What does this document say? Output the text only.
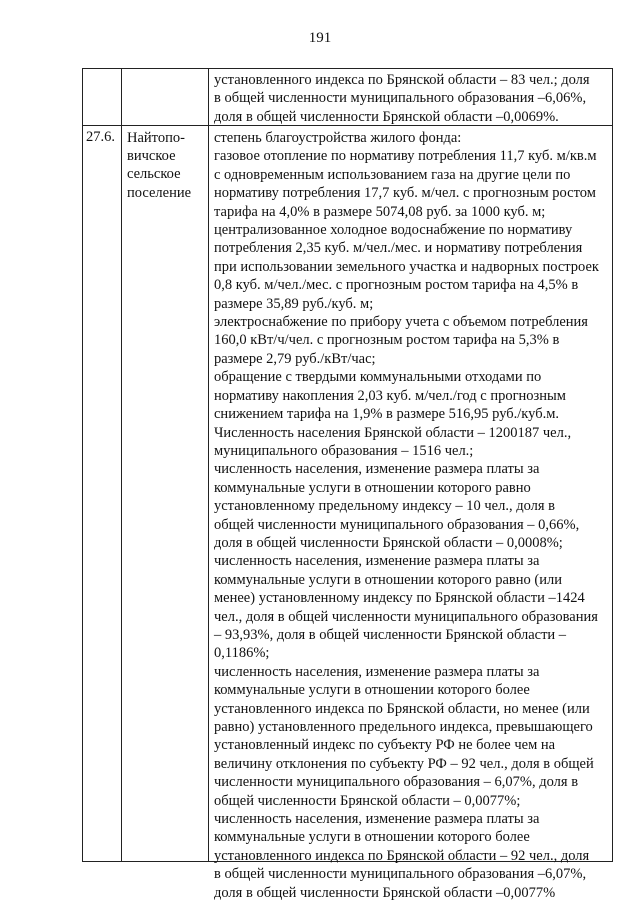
191
установленного индекса по Брянской области – 83 чел.; доля
в общей численности муниципального образования –6,06%,
доля в общей численности Брянской области –0,0069%.
27.6. Найтопо-
вичское
сельское
поселение
степень благоустройства жилого фонда:
газовое отопление по нормативу потребления 11,7 куб. м/кв.м
с одновременным использованием газа на другие цели по
нормативу потребления 17,7 куб. м/чел. с прогнозным ростом
тарифа на 4,0% в размере 5074,08 руб. за 1000 куб. м;
централизованное холодное водоснабжение по нормативу
потребления 2,35 куб. м/чел./мес. и нормативу потребления
при использовании земельного участка и надворных построек
0,8 куб. м/чел./мес. с прогнозным ростом тарифа на 4,5% в
размере 35,89 руб./куб. м;
электроснабжение по прибору учета с объемом потребления
160,0 кВт/ч/чел. с прогнозным ростом тарифа на 5,3% в
размере 2,79 руб./кВт/час;
обращение с твердыми коммунальными отходами по
нормативу накопления 2,03 куб. м/чел./год с прогнозным
снижением тарифа на 1,9% в размере 516,95 руб./куб.м.
Численность населения Брянской области – 1200187 чел.,
муниципального образования – 1516 чел.;
численность населения, изменение размера платы за
коммунальные услуги в отношении которого равно
установленному предельному индексу – 10 чел., доля в
общей численности муниципального образования – 0,66%,
доля в общей численности Брянской области – 0,0008%;
численность населения, изменение размера платы за
коммунальные услуги в отношении которого равно (или
менее) установленному индексу по Брянской области –1424
чел., доля в общей численности муниципального образования
– 93,93%, доля в общей численности Брянской области –
0,1186%;
численность населения, изменение размера платы за
коммунальные услуги в отношении которого более
установленного индекса по Брянской области, но менее (или
равно) установленного предельного индекса, превышающего
установленный индекс по субъекту РФ не более чем на
величину отклонения по субъекту РФ – 92 чел., доля в общей
численности муниципального образования – 6,07%, доля в
общей численности Брянской области – 0,0077%;
численность населения, изменение размера платы за
коммунальные услуги в отношении которого более
установленного индекса по Брянской области – 92 чел., доля
в общей численности муниципального образования –6,07%,
доля в общей численности Брянской области –0,0077%
